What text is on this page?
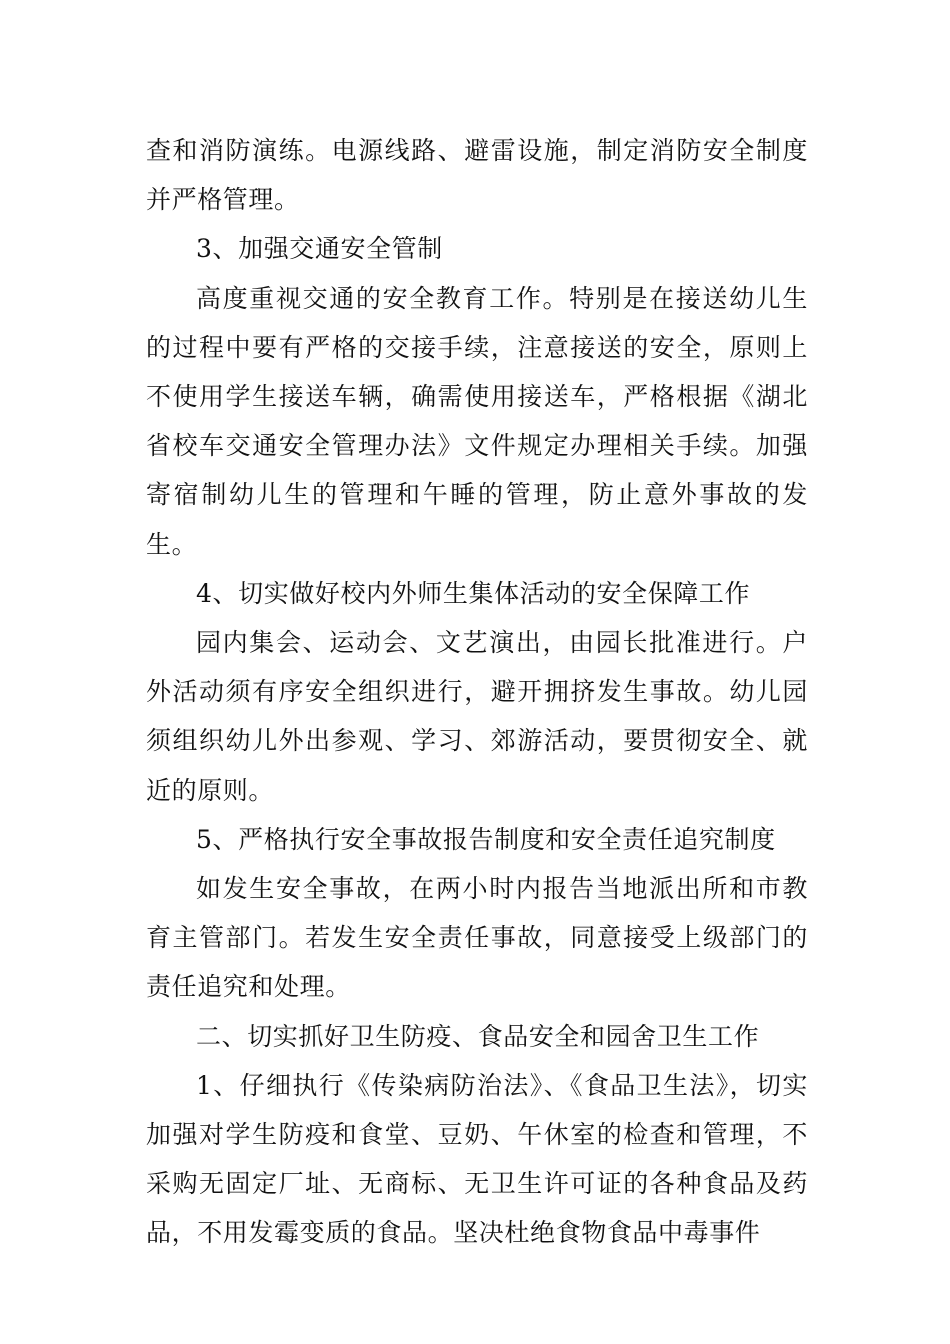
查和消防演练。电源线路、避雷设施，制定消防安全制度并严格管理。

3、加强交通安全管制

高度重视交通的安全教育工作。特别是在接送幼儿生的过程中要有严格的交接手续，注意接送的安全，原则上不使用学生接送车辆，确需使用接送车，严格根据《湖北省校车交通安全管理办法》文件规定办理相关手续。加强寄宿制幼儿生的管理和午睡的管理，防止意外事故的发生。

4、切实做好校内外师生集体活动的安全保障工作

园内集会、运动会、文艺演出，由园长批准进行。户外活动须有序安全组织进行，避开拥挤发生事故。幼儿园须组织幼儿外出参观、学习、郊游活动，要贯彻安全、就近的原则。

5、严格执行安全事故报告制度和安全责任追究制度

如发生安全事故，在两小时内报告当地派出所和市教育主管部门。若发生安全责任事故，同意接受上级部门的责任追究和处理。

二、切实抓好卫生防疫、食品安全和园舍卫生工作

1、仔细执行《传染病防治法》、《食品卫生法》，切实加强对学生防疫和食堂、豆奶、午休室的检查和管理，不采购无固定厂址、无商标、无卫生许可证的各种食品及药品，不用发霉变质的食品。坚决杜绝食物食品中毒事件
